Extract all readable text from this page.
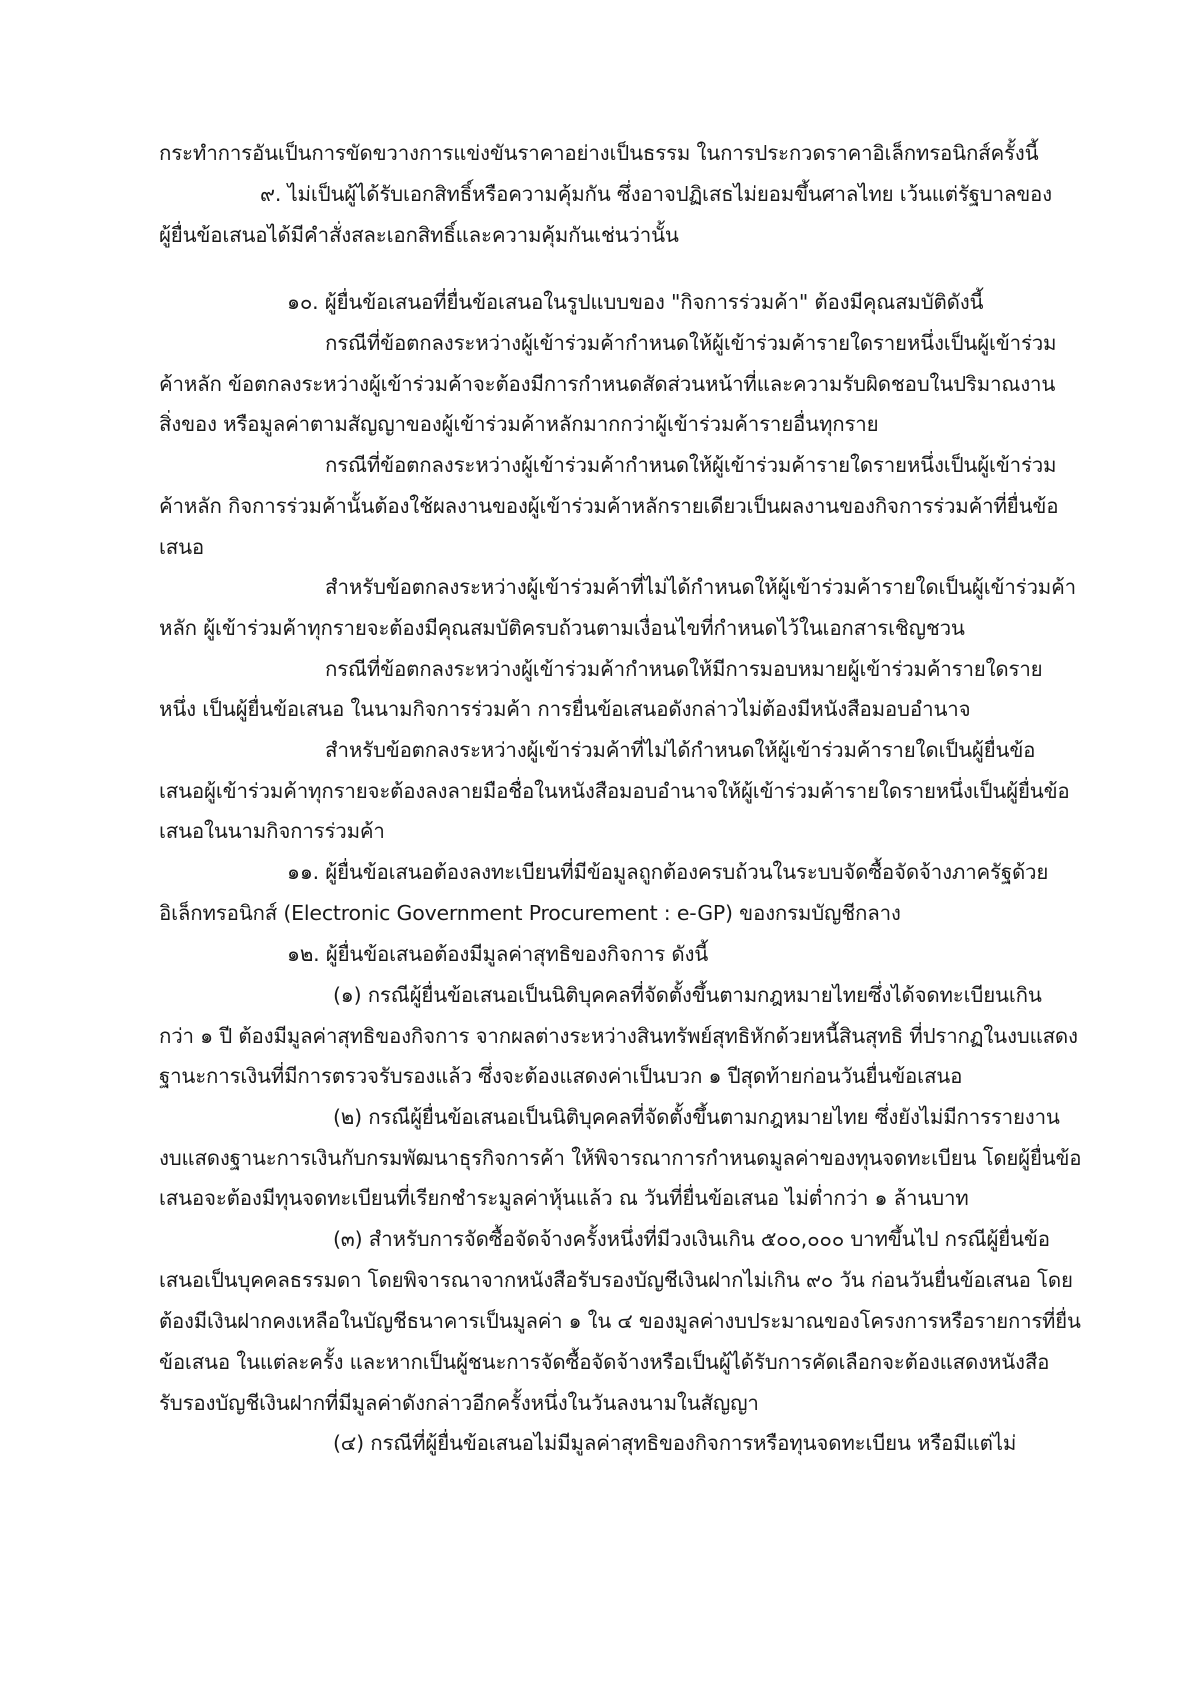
กระทำการอันเป็นการขัดขวางการแข่งขันราคาอย่างเป็นธรรม ในการประกวดราคาอิเล็กทรอนิกส์ครั้งนี้
๙. ไม่เป็นผู้ได้รับเอกสิทธิ์หรือความคุ้มกัน ซึ่งอาจปฏิเสธไม่ยอมขึ้นศาลไทย เว้นแต่รัฐบาลของ
ผู้ยื่นข้อเสนอได้มีคำสั่งสละเอกสิทธิ์และความคุ้มกันเช่นว่านั้น
๑๐. ผู้ยื่นข้อเสนอที่ยื่นข้อเสนอในรูปแบบของ "กิจการร่วมค้า" ต้องมีคุณสมบัติดังนี้
กรณีที่ข้อตกลงระหว่างผู้เข้าร่วมค้ากำหนดให้ผู้เข้าร่วมค้ารายใดรายหนึ่งเป็นผู้เข้าร่วม
ค้าหลัก ข้อตกลงระหว่างผู้เข้าร่วมค้าจะต้องมีการกำหนดสัดส่วนหน้าที่และความรับผิดชอบในปริมาณงาน
สิ่งของ หรือมูลค่าตามสัญญาของผู้เข้าร่วมค้าหลักมากกว่าผู้เข้าร่วมค้ารายอื่นทุกราย
กรณีที่ข้อตกลงระหว่างผู้เข้าร่วมค้ากำหนดให้ผู้เข้าร่วมค้ารายใดรายหนึ่งเป็นผู้เข้าร่วม
ค้าหลัก กิจการร่วมค้านั้นต้องใช้ผลงานของผู้เข้าร่วมค้าหลักรายเดียวเป็นผลงานของกิจการร่วมค้าที่ยื่นข้อ
เสนอ
สำหรับข้อตกลงระหว่างผู้เข้าร่วมค้าที่ไม่ได้กำหนดให้ผู้เข้าร่วมค้ารายใดเป็นผู้เข้าร่วมค้า
หลัก ผู้เข้าร่วมค้าทุกรายจะต้องมีคุณสมบัติครบถ้วนตามเงื่อนไขที่กำหนดไว้ในเอกสารเชิญชวน
กรณีที่ข้อตกลงระหว่างผู้เข้าร่วมค้ากำหนดให้มีการมอบหมายผู้เข้าร่วมค้ารายใดราย
หนึ่ง เป็นผู้ยื่นข้อเสนอ ในนามกิจการร่วมค้า การยื่นข้อเสนอดังกล่าวไม่ต้องมีหนังสือมอบอำนาจ
สำหรับข้อตกลงระหว่างผู้เข้าร่วมค้าที่ไม่ได้กำหนดให้ผู้เข้าร่วมค้ารายใดเป็นผู้ยื่นข้อ
เสนอผู้เข้าร่วมค้าทุกรายจะต้องลงลายมือชื่อในหนังสือมอบอำนาจให้ผู้เข้าร่วมค้ารายใดรายหนึ่งเป็นผู้ยื่นข้อ
เสนอในนามกิจการร่วมค้า
๑๑. ผู้ยื่นข้อเสนอต้องลงทะเบียนที่มีข้อมูลถูกต้องครบถ้วนในระบบจัดซื้อจัดจ้างภาครัฐด้วย
อิเล็กทรอนิกส์ (Electronic Government Procurement : e-GP) ของกรมบัญชีกลาง
๑๒. ผู้ยื่นข้อเสนอต้องมีมูลค่าสุทธิของกิจการ ดังนี้
(๑) กรณีผู้ยื่นข้อเสนอเป็นนิติบุคคลที่จัดตั้งขึ้นตามกฎหมายไทยซึ่งได้จดทะเบียนเกิน
กว่า ๑ ปี ต้องมีมูลค่าสุทธิของกิจการ จากผลต่างระหว่างสินทรัพย์สุทธิหักด้วยหนี้สินสุทธิ ที่ปรากฏในงบแสดง
ฐานะการเงินที่มีการตรวจรับรองแล้ว ซึ่งจะต้องแสดงค่าเป็นบวก ๑ ปีสุดท้ายก่อนวันยื่นข้อเสนอ
(๒) กรณีผู้ยื่นข้อเสนอเป็นนิติบุคคลที่จัดตั้งขึ้นตามกฎหมายไทย ซึ่งยังไม่มีการรายงาน
งบแสดงฐานะการเงินกับกรมพัฒนาธุรกิจการค้า ให้พิจารณาการกำหนดมูลค่าของทุนจดทะเบียน โดยผู้ยื่นข้อ
เสนอจะต้องมีทุนจดทะเบียนที่เรียกชำระมูลค่าหุ้นแล้ว ณ วันที่ยื่นข้อเสนอ ไม่ต่ำกว่า ๑ ล้านบาท
(๓) สำหรับการจัดซื้อจัดจ้างครั้งหนึ่งที่มีวงเงินเกิน ๕๐๐,๐๐๐ บาทขึ้นไป กรณีผู้ยื่นข้อ
เสนอเป็นบุคคลธรรมดา โดยพิจารณาจากหนังสือรับรองบัญชีเงินฝากไม่เกิน ๙๐ วัน ก่อนวันยื่นข้อเสนอ โดย
ต้องมีเงินฝากคงเหลือในบัญชีธนาคารเป็นมูลค่า ๑ ใน ๔ ของมูลค่างบประมาณของโครงการหรือรายการที่ยื่น
ข้อเสนอ ในแต่ละครั้ง และหากเป็นผู้ชนะการจัดซื้อจัดจ้างหรือเป็นผู้ได้รับการคัดเลือกจะต้องแสดงหนังสือ
รับรองบัญชีเงินฝากที่มีมูลค่าดังกล่าวอีกครั้งหนึ่งในวันลงนามในสัญญา
(๔) กรณีที่ผู้ยื่นข้อเสนอไม่มีมูลค่าสุทธิของกิจการหรือทุนจดทะเบียน หรือมีแต่ไม่
